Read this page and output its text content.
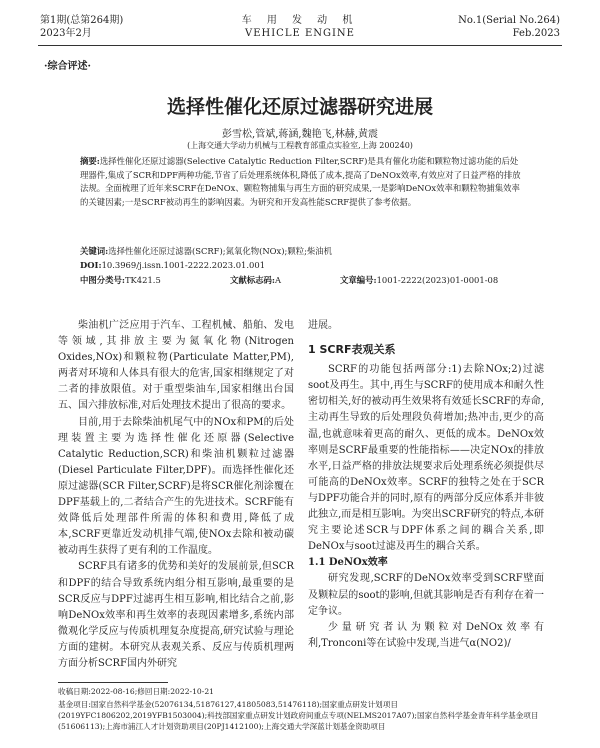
第1期(总第264期)
2023年2月
车 用 发 动 机
VEHICLE ENGINE
No.1(Serial No.264)
Feb.2023
·综合评述·
选择性催化还原过滤器研究进展
彭雪松,管斌,蒋涵,魏艳飞,林赫,黄震
(上海交通大学动力机械与工程教育部重点实验室,上海 200240)
摘要:选择性催化还原过滤器(Selective Catalytic Reduction Filter,SCRF)是具有催化功能和颗粒物过滤功能的后处理器件,集成了SCR和DPF两种功能,节省了后处理系统体积,降低了成本,提高了DeNOx效率,有效应对了日益严格的排放法规。全面梳理了近年来SCRF在DeNOx、颗粒物捕集与再生方面的研究成果,一是影响DeNOx效率和颗粒物捕集效率的关键因素;一是SCRF被动再生的影响因素。为研究和开发高性能SCRF提供了参考依据。
关键词:选择性催化还原过滤器(SCRF);氮氧化物(NOx);颗粒;柴油机
DOI:10.3969/j.issn.1001-2222.2023.01.001
中图分类号:TK421.5	文献标志码:A	文章编号:1001-2222(2023)01-0001-08

柴油机广泛应用于汽车、工程机械、船舶、发电等领域,其排放主要为氮氧化物(Nitrogen Oxides,NOx)和颗粒物(Particulate Matter,PM),两者对环境和人体具有很大的危害,国家相继规定了对二者的排放限值。对于重型柴油车,国家相继出台国五、国六排放标准,对后处理技术提出了很高的要求。

目前,用于去除柴油机尾气中的NOx和PM的后处理装置主要为选择性催化还原器(Selective Catalytic Reduction,SCR)和柴油机颗粒过滤器(Diesel Particulate Filter,DPF)。而选择性催化还原过滤器(SCR Filter,SCRF)是将SCR催化剂涂覆在DPF基载上的,二者结合产生的先进技术。SCRF能有效降低后处理部件所需的体积和费用,降低了成本,SCRF更靠近发动机排气端,使NOx去除和被动碳被动再生获得了更有利的工作温度。

SCRF具有诸多的优势和美好的发展前景,但SCR和DPF的结合导致系统内组分相互影响,最重要的是SCR反应与DPF过滤再生相互影响,相比结合之前,影响DeNOx效率和再生效率的表现因素增多,系统内部微观化学反应与传质机理复杂度提高,研究试验与理论方面的建树。本研究从表观关系、反应与传质机理两方面分析SCRF国内外研究

进展。

1 SCRF表观关系

SCRF的功能包括两部分:1)去除NOx;2)过滤soot及再生。其中,再生与SCRF的使用成本和耐久性密切相关,好的被动再生效果将有效延长SCRF的寿命,主动再生导致的后处理段负荷增加;热冲击,更少的高温,也就意味着更高的耐久、更低的成本。DeNOx效率则是SCRF最重要的性能指标——决定NOx的排放水平,日益严格的排放法规要求后处理系统必须提供尽可能高的DeNOx效率。SCRF的独特之处在于SCR与DPF功能合并的同时,原有的两部分反应体系并非彼此独立,而是相互影响。为突出SCRF研究的特点,本研究主要论述SCR与DPF体系之间的耦合关系,即DeNOx与soot过滤及再生的耦合关系。

1.1 DeNOx效率

研究发现,SCRF的DeNOx效率受到SCRF壁面及颗粒层的soot的影响,但就其影响是否有利存在着一定争议。

少量研究者认为颗粒对DeNOx效率有利,Tronconi等在试验中发现,当进气α(NO2)/

收稿日期:2022-08-16;修回日期:2022-10-21
基金项目:国家自然科学基金(52076134,51876127,41805083,51476118);国家重点研发计划项目(2019YFC1806202,2019YFB1503004);科技部国家重点研发计划政府间重点专项(NELMS2017A07);国家自然科学基金青年科学基金项目(51606113);上海市浦江人才计划资助项目(20PJ1412100);上海交通大学深蓝计划基金资助项目
